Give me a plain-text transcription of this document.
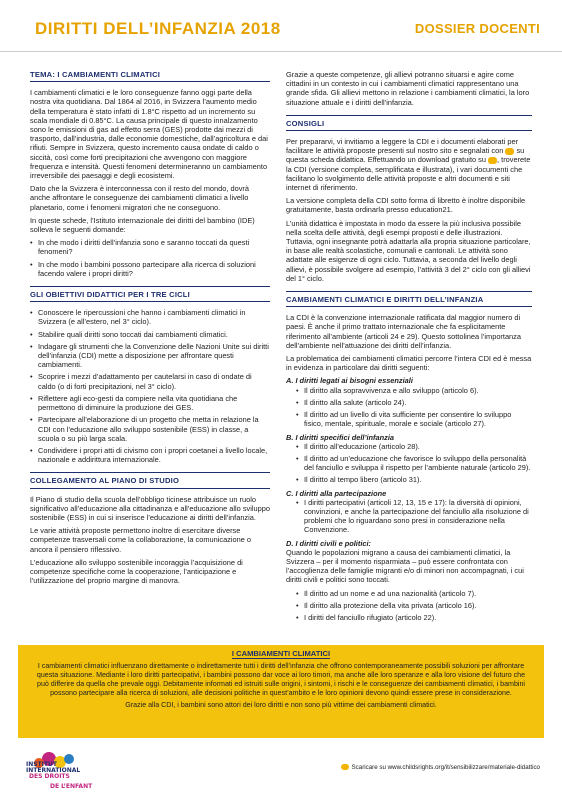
DIRITTI DELL’INFANZIA 2018	DOSSIER DOCENTI
TEMA: I CAMBIAMENTI CLIMATICI

I cambiamenti climatici e le loro conseguenze fanno oggi parte della nostra vita quotidiana. Dal 1864 al 2016, in Svizzera l’aumento medio della temperatura è stato infatti di 1.8°C rispetto ad un incremento su scala mondiale di 0.85°C. La causa principale di questo innalzamento sono le emissioni di gas ad effetto serra (GES) prodotte dai mezzi di trasporto, dall’industria, dalle economie domestiche, dall’agricoltura e dai rifiuti. Sempre in Svizzera, questo incremento causa ondate di caldo o siccità, così come forti precipitazioni che avvengono con maggiore frequenza e intensità. Questi fenomeni determineranno un cambiamento irreversibile dei paesaggi e degli ecosistemi.

Dato che la Svizzera è interconnessa con il resto del mondo, dovrà anche affrontare le conseguenze dei cambiamenti climatici a livello planetario, come i fenomeni migratori che ne conseguono.

In queste schede, l’Istituto internazionale dei diritti del bambino (IDE) solleva le seguenti domande:

• In che modo i diritti dell’infanzia sono e saranno toccati da questi fenomeni?
• In che modo i bambini possono partecipare alla ricerca di soluzioni facendo valere i propri diritti?
GLI OBIETTIVI DIDATTICI PER I TRE CICLI
• Conoscere le ripercussioni che hanno i cambiamenti climatici in Svizzera (e all’estero, nel 3° ciclo).
• Stabilire quali diritti sono toccati dai cambiamenti climatici.
• Indagare gli strumenti che la Convenzione delle Nazioni Unite sui diritti dell’infanzia (CDI) mette a disposizione per affrontare questi cambiamenti.
• Scoprire i mezzi d’adattamento per cautelarsi in caso di ondate di caldo (o di forti precipitazioni, nel 3° ciclo).
• Riflettere agli eco-gesti da compiere nella vita quotidiana che permettono di diminuire la produzione dei GES.
• Partecipare all’elaborazione di un progetto che metta in relazione la CDI con l’educazione allo sviluppo sostenibile (ESS) in classe, a scuola o su più larga scala.
• Condividere i propri atti di civismo con i propri coetanei a livello locale, nazionale e addirittura internazionale.
COLLEGAMENTO AL PIANO DI STUDIO

Il Piano di studio della scuola dell’obbligo ticinese attribuisce un ruolo significativo all’educazione alla cittadinanza e all’educazione allo sviluppo sostenibile (ESS) in cui si inserisce l’educazione ai diritti dell’infanzia.

Le varie attività proposte permettono inoltre di esercitare diverse competenze trasversali come la collaborazione, la comunicazione o ancora il pensiero riflessivo.

L’educazione allo sviluppo sostenibile incoraggia l’acquisizione di competenze specifiche come la cooperazione, l’anticipazione e l’utilizzazione del proprio margine di manovra.

Grazie a queste competenze, gli allievi potranno situarsi e agire come cittadini in un contesto in cui i cambiamenti climatici rappresentano una grande sfida. Gli allievi mettono in relazione i cambiamenti climatici, la loro situazione attuale e i diritti dell’infanzia.

CONSIGLI

Per prepararvi, vi invitiamo a leggere la CDI e i documenti elaborati per facilitare le attività proposte presenti sul nostro sito e segnalati con su questa scheda didattica. Effettuando un download gratuito su , troverete la CDI (versione completa, semplificata e illustrata), i vari documenti che facilitano lo svolgimento delle attività proposte e altri documenti e siti internet di riferimento.

La versione completa della CDI sotto forma di libretto è inoltre disponibile gratuitamente, basta ordinarla presso education21.

L’unità didattica è impostata in modo da essere la più inclusiva possibile nella scelta delle attività, degli esempi proposti e delle illustrazioni. Tuttavia, ogni insegnante potrà adattarla alla propria situazione particolare, in base alle realtà scolastiche, comunali e cantonali. Le attività sono adattate alle esigenze di ogni ciclo. Tuttavia, a seconda del livello degli allievi, è possibile svolgere ad esempio, l’attività 3 del 2° ciclo con gli allievi del 1° ciclo.

CAMBIAMENTI CLIMATICI E DIRITTI DELL’INFANZIA

La CDI è la convenzione internazionale ratificata dal maggior numero di paesi. È anche il primo trattato internazionale che fa esplicitamente riferimento all’ambiente (articoli 24 e 29). Questo sottolinea l’importanza dell’ambiente nell’attuazione dei diritti dell’infanzia.

La problematica dei cambiamenti climatici percorre l’intera CDI ed è messa in evidenza in particolare dai diritti seguenti:

A. I diritti legati ai bisogni essenziali
• Il diritto alla sopravvivenza e allo sviluppo (articolo 6).
• Il diritto alla salute (articolo 24).
• Il diritto ad un livello di vita sufficiente per consentire lo sviluppo fisico, mentale, spirituale, morale e sociale (articolo 27).
B. I diritti specifici dell’infanzia
• Il diritto all’educazione (articolo 28).
• Il diritto ad un’educazione che favorisce lo sviluppo della personalità del fanciullo e sviluppa il rispetto per l’ambiente naturale (articolo 29).
• Il diritto al tempo libero (articolo 31).
C. I diritti alla partecipazione
• I diritti partecipativi (articoli 12, 13, 15 e 17): la diversità di opinioni, convinzioni, e anche la partecipazione del fanciullo alla risoluzione di problemi che lo riguardano sono presi in considerazione nella Convenzione.
D. I diritti civili e politici:

Quando le popolazioni migrano a causa dei cambiamenti climatici, la Svizzera – per il momento risparmiata – può essere confrontata con l’accoglienza delle famiglie migranti e/o di minori non accompagnati, i cui diritti civili e politici sono toccati.

• Il diritto ad un nome e ad una nazionalità (articolo 7).
• Il diritto alla protezione della vita privata (articolo 16).
• I diritti del fanciullo rifugiato (articolo 22).
I CAMBIAMENTI CLIMATICI

I cambiamenti climatici influenzano direttamente o indirettamente tutti i diritti dell’infanzia che offrono contemporaneamente possibili soluzioni per affrontare questa situazione. Mediante i loro diritti partecipativi, i bambini possono dar voce ai loro timori, ma anche alle loro speranze e alla loro visione del futuro che può differire da quella che prevale oggi. Debitamente informati ed istruiti sulle origini, i sintomi, i rischi e le conseguenze dei cambiamenti climatici, i bambini possono partecipare alla ricerca di soluzioni, alle decisioni politiche in quest’ambito e le loro opinioni devono quindi essere prese in considerazione.

Grazie alla CDI, i bambini sono attori dei loro diritti e non sono più vittime dei cambiamenti climatici.

INSTITUT INTERNATIONAL
DES DROITS
DE L’ENFANT
Scaricare su www.childsrights.org/it/sensibilizzare/materiale-didattico
